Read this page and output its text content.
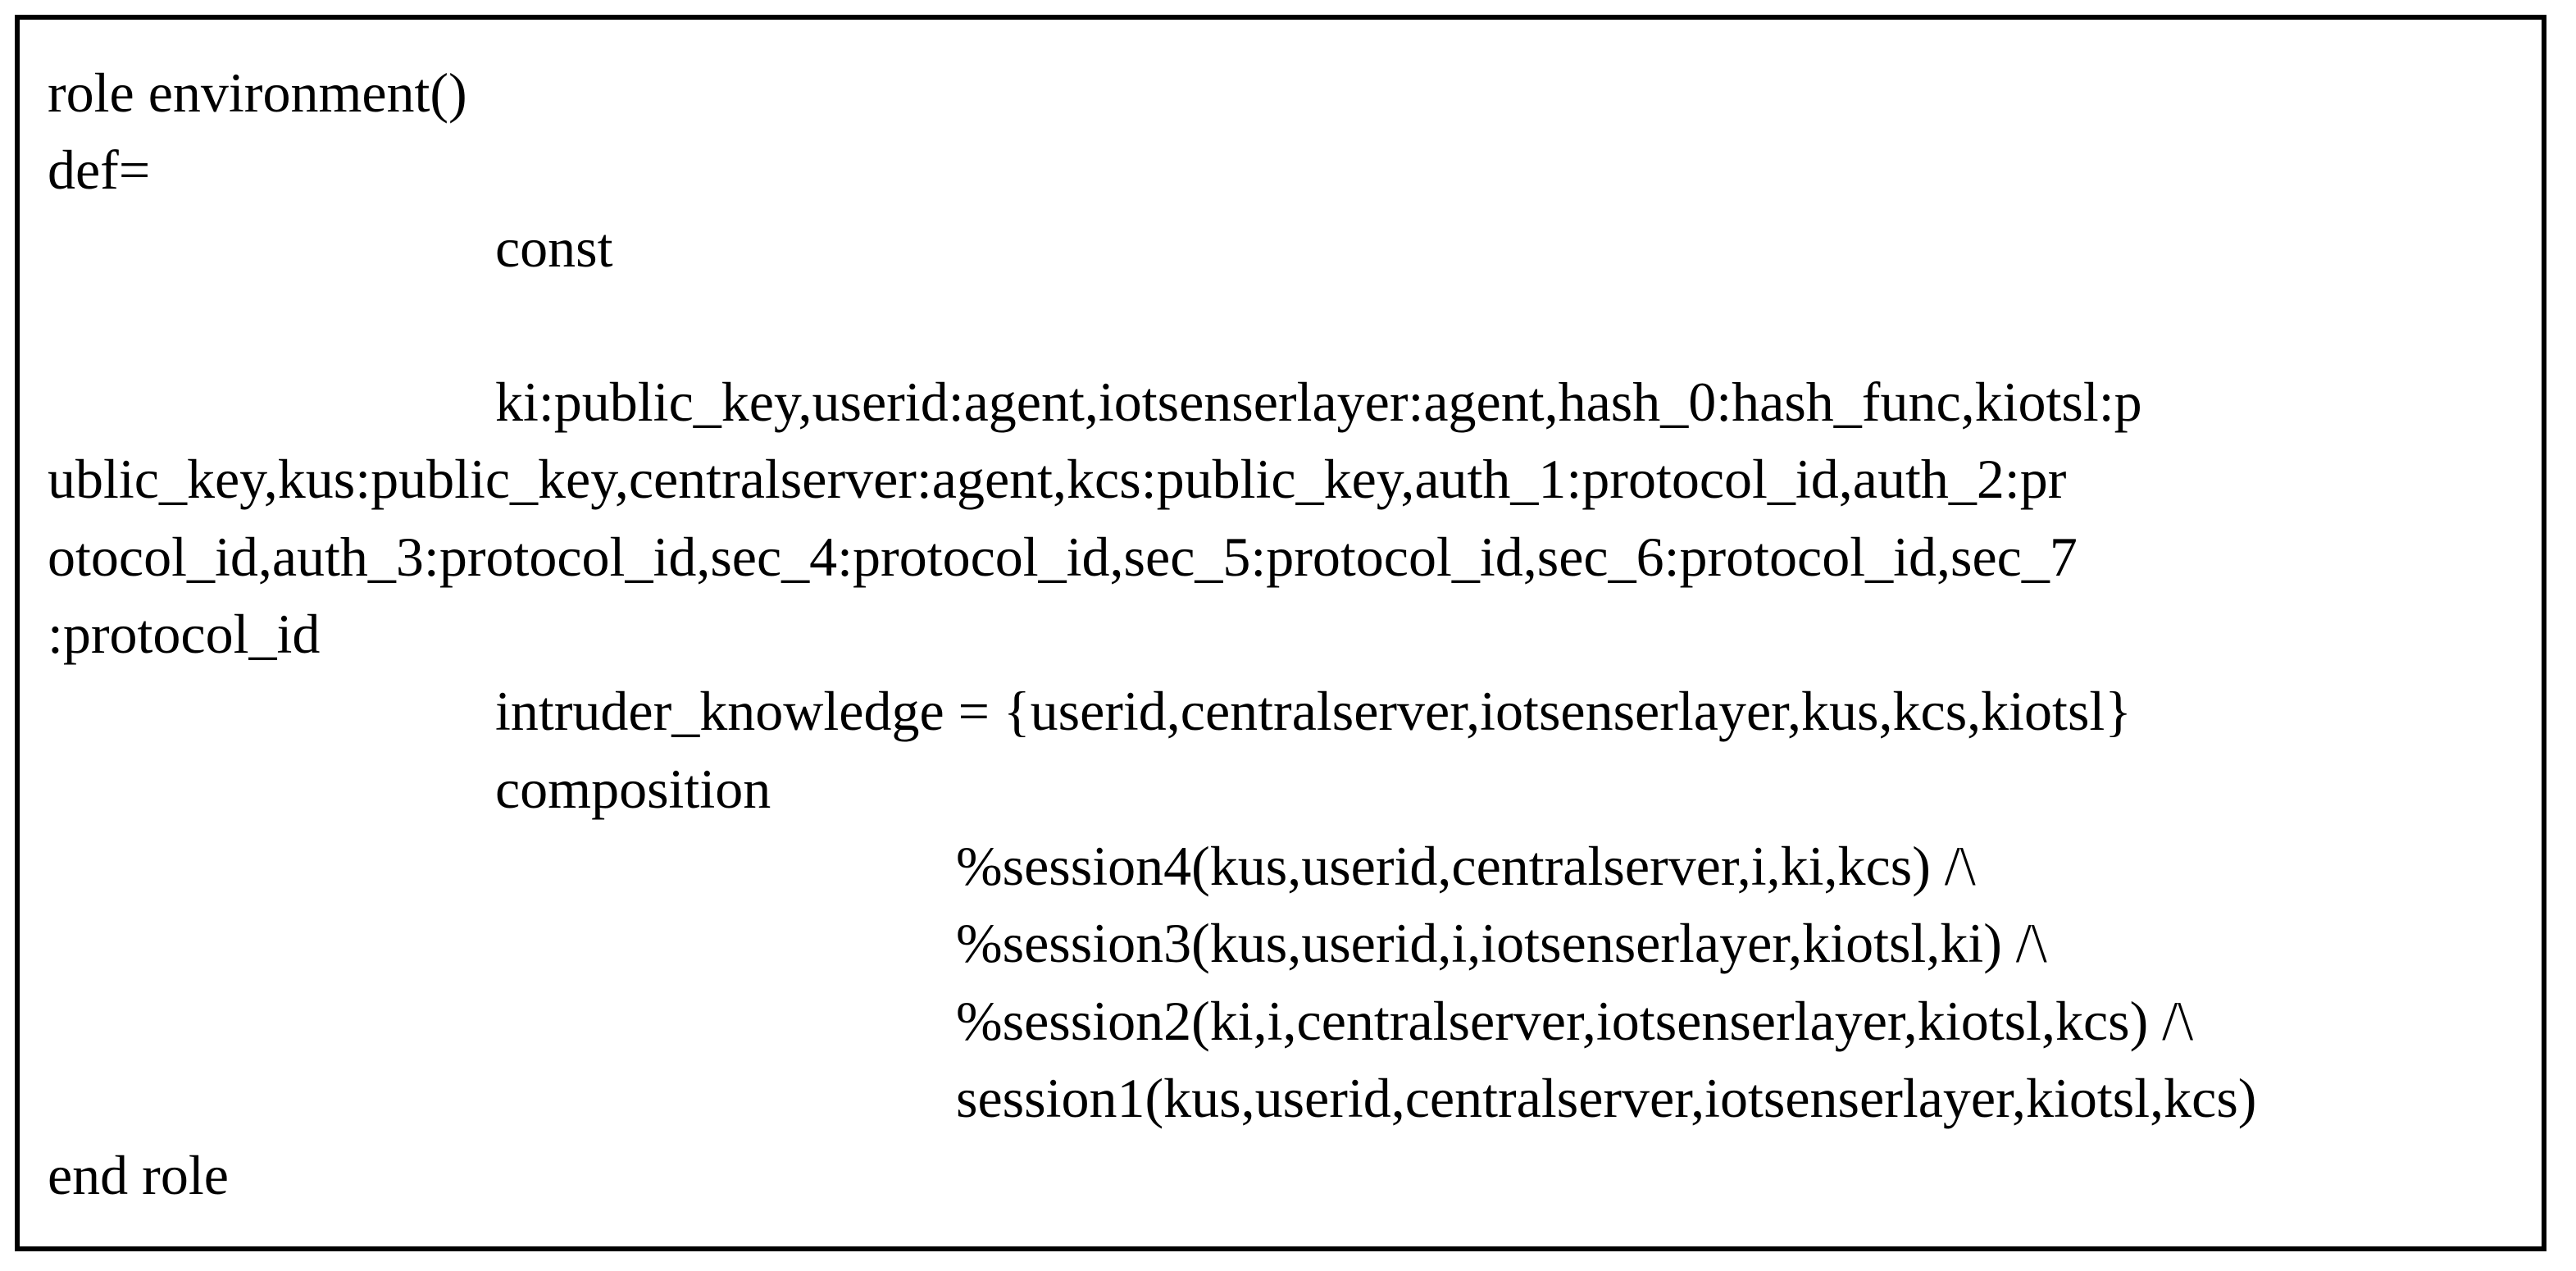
role environment()
def=
const
ki:public_key,userid:agent,iotsenserlayer:agent,hash_0:hash_func,kiotsl:p
ublic_key,kus:public_key,centralserver:agent,kcs:public_key,auth_1:protocol_id,auth_2:pr
otocol_id,auth_3:protocol_id,sec_4:protocol_id,sec_5:protocol_id,sec_6:protocol_id,sec_7
:protocol_id
intruder_knowledge = {userid,centralserver,iotsenserlayer,kus,kcs,kiotsl}
composition
%session4(kus,userid,centralserver,i,ki,kcs) /\
%session3(kus,userid,i,iotsenserlayer,kiotsl,ki) /\
%session2(ki,i,centralserver,iotsenserlayer,kiotsl,kcs) /\
session1(kus,userid,centralserver,iotsenserlayer,kiotsl,kcs)
end role
